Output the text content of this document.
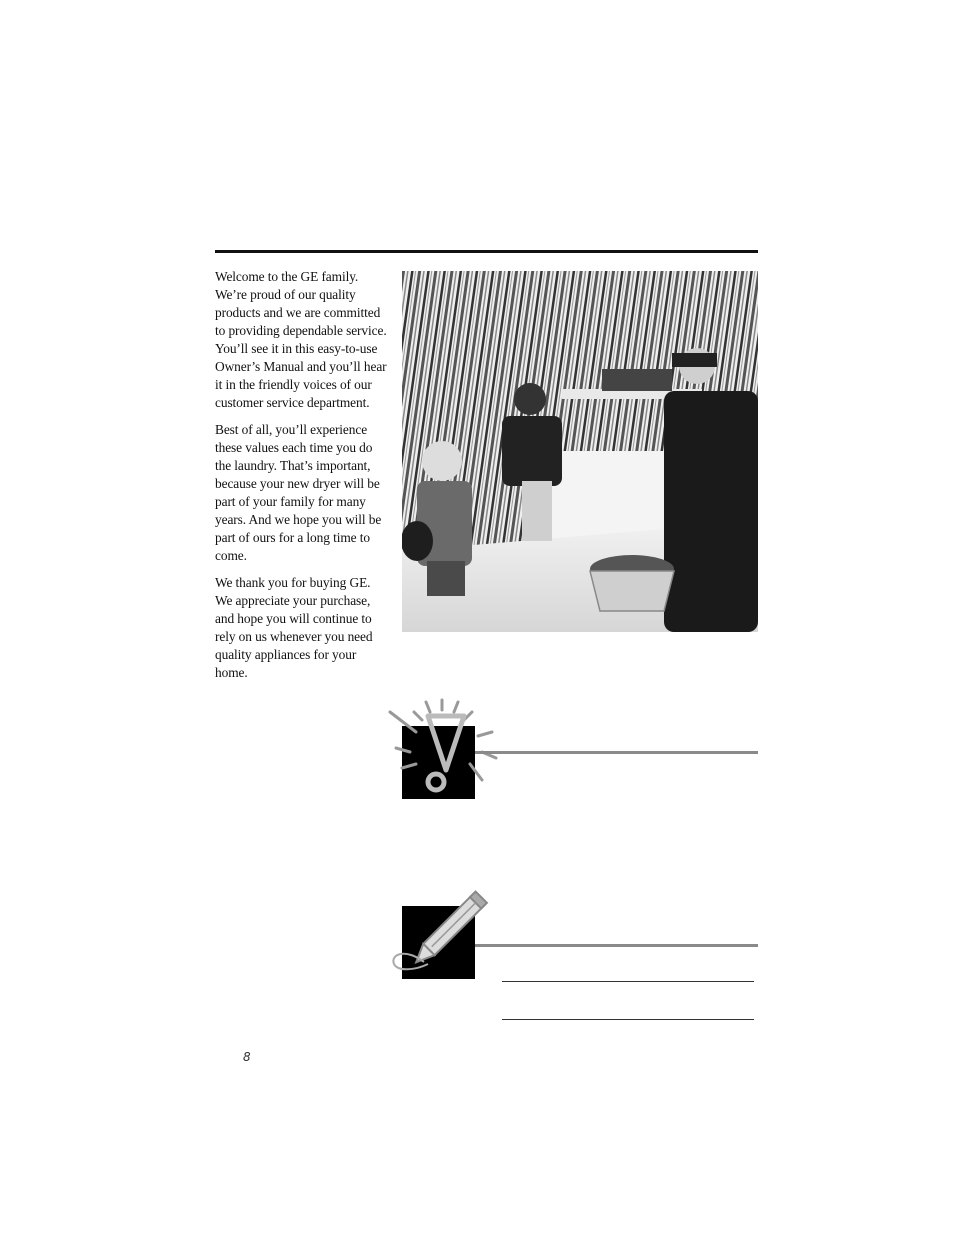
Welcome to the GE family. We’re proud of our quality products and we are committed to providing dependable service. You’ll see it in this easy-to-use Owner’s Manual and you’ll hear it in the friendly voices of our customer service department.

Best of all, you’ll experience these values each time you do the laundry. That’s important, because your new dryer will be part of your family for many years. And we hope you will be part of ours for a long time to come.

We thank you for buying GE. We appreciate your purchase, and hope you will continue to rely on us whenever you need quality appliances for your home.

8
